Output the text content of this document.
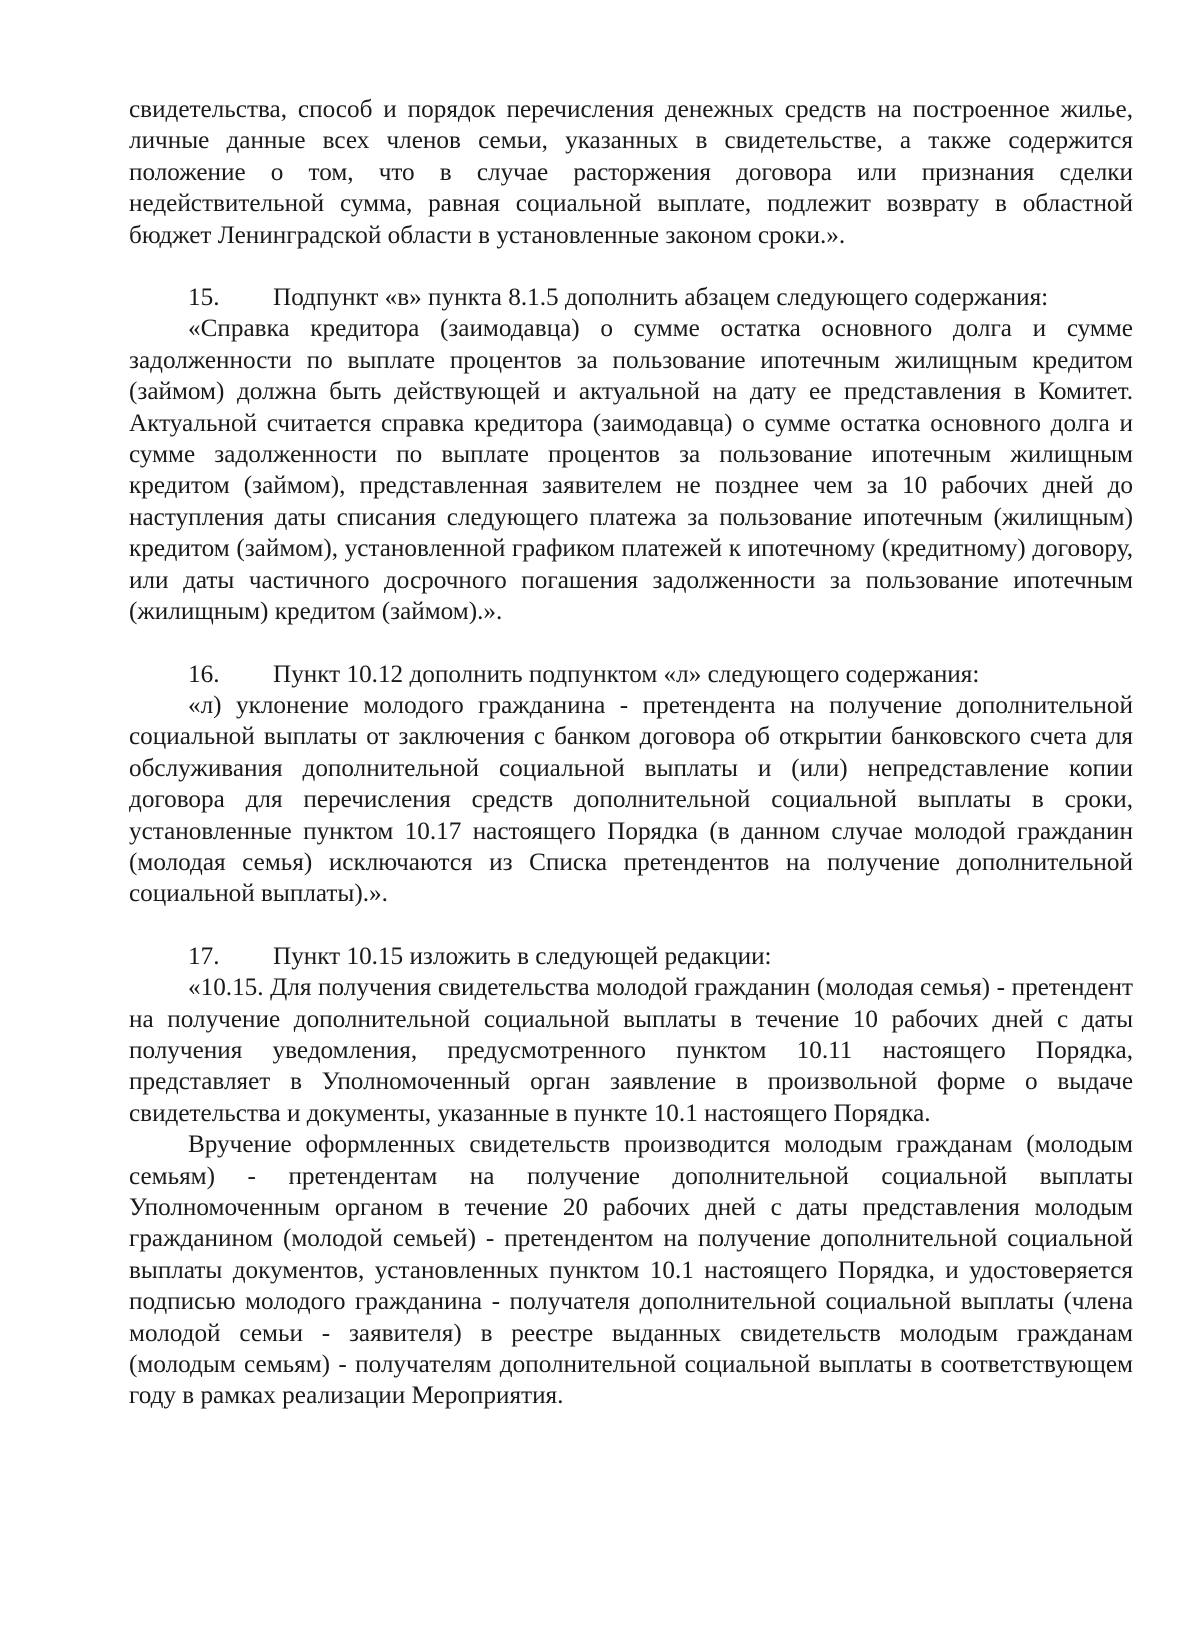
свидетельства, способ и порядок перечисления денежных средств на построенное жилье, личные данные всех членов семьи, указанных в свидетельстве, а также содержится положение о том, что в случае расторжения договора или признания сделки недействительной сумма, равная социальной выплате, подлежит возврату в областной бюджет Ленинградской области в установленные законом сроки.».

15. Подпункт «в» пункта 8.1.5 дополнить абзацем следующего содержания:

«Справка кредитора (заимодавца) о сумме остатка основного долга и сумме задолженности по выплате процентов за пользование ипотечным жилищным кредитом (займом) должна быть действующей и актуальной на дату ее представления в Комитет. Актуальной считается справка кредитора (заимодавца) о сумме остатка основного долга и сумме задолженности по выплате процентов за пользование ипотечным жилищным кредитом (займом), представленная заявителем не позднее чем за 10 рабочих дней до наступления даты списания следующего платежа за пользование ипотечным (жилищным) кредитом (займом), установленной графиком платежей к ипотечному (кредитному) договору, или даты частичного досрочного погашения задолженности за пользование ипотечным (жилищным) кредитом (займом).».

16. Пункт 10.12 дополнить подпунктом «л» следующего содержания:

«л) уклонение молодого гражданина - претендента на получение дополнительной социальной выплаты от заключения с банком договора об открытии банковского счета для обслуживания дополнительной социальной выплаты и (или) непредставление копии договора для перечисления средств дополнительной социальной выплаты в сроки, установленные пунктом 10.17 настоящего Порядка (в данном случае молодой гражданин (молодая семья) исключаются из Списка претендентов на получение дополнительной социальной выплаты).».

17. Пункт 10.15 изложить в следующей редакции:

«10.15. Для получения свидетельства молодой гражданин (молодая семья) - претендент на получение дополнительной социальной выплаты в течение 10 рабочих дней с даты получения уведомления, предусмотренного пунктом 10.11 настоящего Порядка, представляет в Уполномоченный орган заявление в произвольной форме о выдаче свидетельства и документы, указанные в пункте 10.1 настоящего Порядка.

Вручение оформленных свидетельств производится молодым гражданам (молодым семьям) - претендентам на получение дополнительной социальной выплаты Уполномоченным органом в течение 20 рабочих дней с даты представления молодым гражданином (молодой семьей) - претендентом на получение дополнительной социальной выплаты документов, установленных пунктом 10.1 настоящего Порядка, и удостоверяется подписью молодого гражданина - получателя дополнительной социальной выплаты (члена молодой семьи - заявителя) в реестре выданных свидетельств молодым гражданам (молодым семьям) - получателям дополнительной социальной выплаты в соответствующем году в рамках реализации Мероприятия.
